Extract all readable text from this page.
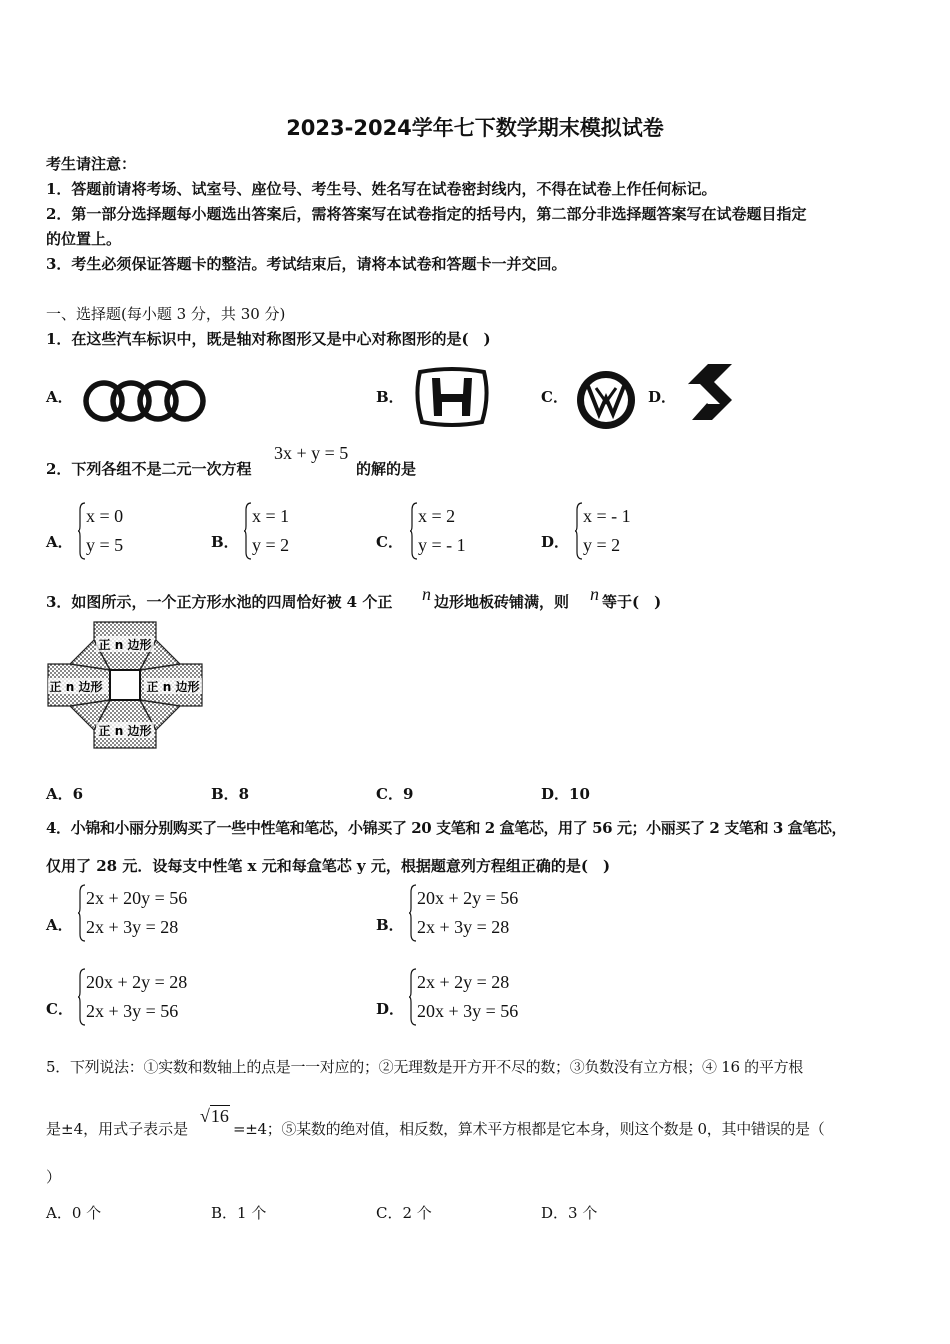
2023-2024学年七下数学期末模拟试卷
考生请注意：
1．答题前请将考场、试室号、座位号、考生号、姓名写在试卷密封线内，不得在试卷上作任何标记。
2．第一部分选择题每小题选出答案后，需将答案写在试卷指定的括号内，第二部分非选择题答案写在试卷题目指定
的位置上。
3．考生必须保证答题卡的整洁。考试结束后，请将本试卷和答题卡一并交回。
一、选择题(每小题 3 分，共 30 分)
1．在这些汽车标识中，既是轴对称图形又是中心对称图形的是(　)
A．	B．	C．	D．
2．下列各组不是二元一次方程
3x + y = 5
的解的是
A．
x = 0
y = 5	B．
x = 1
y = 2	C．
x = 2
y = - 1	D．
x = - 1
y = 2
3．如图所示，一个正方形水池的四周恰好被 4 个正 n 边形地板砖铺满，则 n 等于(　)
正 n 边形
正 n 边形	正 n 边形
正 n 边形
A．6	B．8	C．9	D．10
4．小锦和小丽分别购买了一些中性笔和笔芯，小锦买了 20 支笔和 2 盒笔芯，用了 56 元；小丽买了 2 支笔和 3 盒笔芯，
仅用了 28 元．设每支中性笔 x 元和每盒笔芯 y 元，根据题意列方程组正确的是(　)
A．
2x + 20y = 56
2x + 3y = 28	B．
20x + 2y = 56
2x + 3y = 28
C．
20x + 2y = 28
2x + 3y = 56	D．
2x + 2y = 28
20x + 3y = 56
5．下列说法：①实数和数轴上的点是一一对应的；②无理数是开方开不尽的数；③负数没有立方根；④ 16 的平方根
是±4，用式子表示是
√16
=±4；⑤某数的绝对值，相反数，算术平方根都是它本身，则这个数是 0，其中错误的是（
）
A．0 个	B．1 个	C．2 个	D．3 个
